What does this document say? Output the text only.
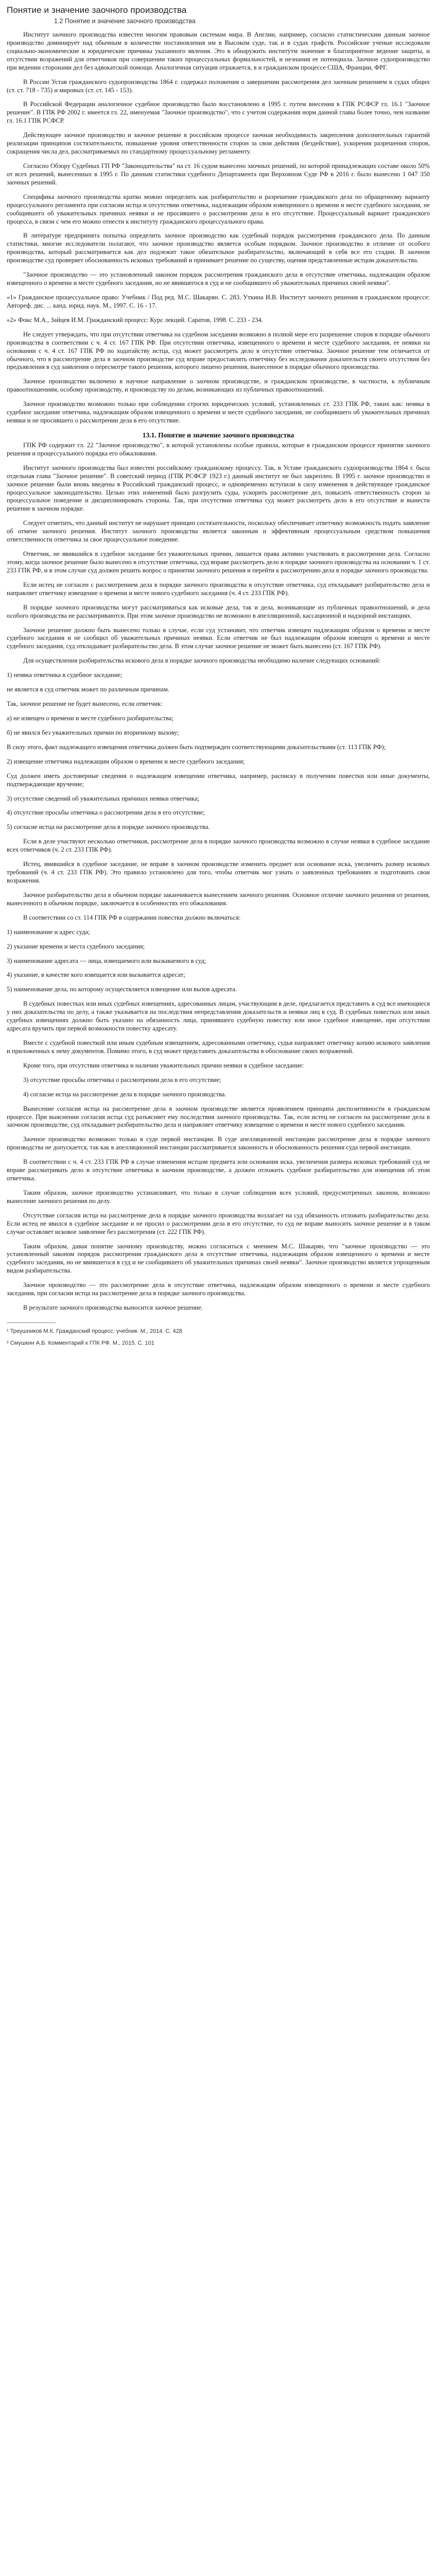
Понятие и значение заочного производства
1.2 Понятие и значение заочного производства

Институт заочного производства известен многим правовым системам мира. В Англии, например, согласно статистическим данным заочное производство доминирует над обычным в количестве постановления им в Высоком суде, так и в судах графств. Российские ученые исследовали социально-экономические и юридические причины указанного явления. Это в обнаружить институтм значение в благоприятное ведение защиты, и отсутствии возражений для ответчиков при совершении таких процессуальных формальностей, и незнания ее потенциала. Заочное судопроизводство при ведении сторонами дел без адвокатской помощи. Аналогичная ситуация отражается, в и гражданском процессе США, Франции, ФРГ.

В России Устав гражданского судопроизводства 1864 г. содержал положения о завершении рассмотрения дел заочным решением в судах общих (ст. ст. 718 - 735) и мировых (ст. ст. 145 - 153).

В Российской Федерации аналогичное судебное производство было восстановлено в 1995 г. путем внесения в ГПК РСФСР гл. 16.1 "Заочное решение". В ГПК РФ 2002 г. имеется гл. 22, именуемая "Заочное производство", что с учетом содержания норм данной главы более точно, чем название гл. 16.1 ГПК РСФСР.

Действующее заочное производство и заочное решение в российском процессе заочная необходимость закрепления дополнительных гарантий реализации принципов состязательности, повышение уровня ответственности сторон за свои действия (бездействие), ускорения разрешения споров, сокращения числа дел, рассматриваемых по стандартному процессуальному регламенту.

Согласно Обзору Судебных ГП РФ "Законодательства" на ст. 16 судом вынесено заочных решений, по которой принадлежащих составе около 50% от всех решений, вынесенных в 1995 г. По данным статистики судебного Департамента при Верховном Суде РФ в 2016 г. было вынесено 1 047 350 заочных решений.

Специфика заочного производства кратко можно определить как разбирательство и разрешение гражданского дела по обращенному варианту процессуального регламента при согласии истца и отсутствии ответчика, надлежащим образом извещенного о времени и месте судебного заседания, не сообщившего об уважительных причинах неявки и не просившего о рассмотрении дела в его отсутствие. Процессуальный вариант гражданского процесса, в связи с чем его можно отнести к институту гражданского процессуального права.

В литературе предпринята попытка определить заочное производство как судебный порядок рассмотрения гражданского дела. По данным статистики, многие исследователи полагают, что заочное производство является особым порядком. Заочное производство в отличие от особого производства, который рассматривается как дел подлежит такое обязательное разбирательство, включающий в себя все его стадии. В заочном производстве суд проверяет обоснованность исковых требований и принимает решение по существу, оценив представленные истцом доказательства.

"Заочное производство — это установленный законом порядок рассмотрения гражданского дела в отсутствие ответчика, надлежащим образом извещенного о времени и месте судебного заседания, но не явившегося в суд и не сообщившего об уважительных причинах своей неявки".

«1» Гражданское процессуальное право: Учебник / Под ред. М.С. Шакарян. С. 283. Уткина И.В. Институт заочного решения в гражданском процессе: Автореф. дис. ... канд. юрид. наук. М., 1997. С. 16 - 17.

«2» Фокс М.А., Зайцев И.М. Гражданский процесс: Курс лекций. Саратов, 1998. С. 233 - 234.

Не следует утверждать, что при отсутствии ответчика на судебном заседании возможно в полной мере его разрешение споров в порядке обычного производства в соответствии с ч. 4 ст. 167 ГПК РФ. При отсутствии ответчика, извещенного о времени и месте судебного заседания, ее неявки на основании с ч. 4 ст. 167 ГПК РФ по ходатайству истца, суд может рассмотреть дело в отсутствие ответчика. Заочное решение тем отличается от обычного, что в рассмотрение дела в заочном производстве суд вправе предоставлять ответчику без исследования доказательств своего отсутствия без предъявления в суд заявления о пересмотре такого решения, которого лишено решения, вынесенное в порядке обычного производства.

Заочное производство включено в научное направление о заочном производстве, и гражданском производстве, в частности, к публичным правоотношениям, особому производству, и производству по делам, возникающих из публичных правоотношений.

Заочное производство возможно только при соблюдении строгих юридических условий, установленных ст. 233 ГПК РФ, таких как: неявка в судебное заседание ответчика, надлежащим образом извещенного о времени и месте судебного заседания, не сообщившего об уважительных причинах неявки и не просившего о рассмотрении дела в его отсутствие.

13.1. Понятие и значение заочного производства

ГПК РФ содержит гл. 22 "Заочное производство", в которой установлены особые правила, которые в гражданском процессе принятия заочного решения и процессуального порядка его обжалования.

Институт заочного производства был известен российскому гражданскому процессу. Так, в Уставе гражданского судопроизводства 1864 г. была отдельная глава "Заочное решение". В советский период (ГПК РСФСР 1923 г.) данный институт не был закреплен. В 1995 г. заочное производство и заочное решение были вновь введены в Российский гражданский процесс, и одновременно вступили в силу изменения в действующее гражданское процессуальное законодательство. Целью этих изменений было разгрузить суды, ускорить рассмотрение дел, повысить ответственность сторон за процессуальное поведение и дисциплинировать стороны. Так, при отсутствии ответчика суд может рассмотреть дело в его отсутствие и вынести решение в заочном порядке.

Следует отметить, что данный институт не нарушает принцип состязательности, поскольку обеспечивает ответчику возможность подать заявление об отмене заочного решения. Институт заочного производства является законным и эффективным процессуальным средством повышения ответственности ответчика за свое процессуальное поведение.

Ответчик, не явившийся в судебное заседание без уважительных причин, лишается права активно участвовать в рассмотрении дела. Согласно этому, когда заочное решение было вынесено в отсутствие ответчика, суд вправе рассмотреть дело в порядке заочного производства на основании ч. 1 ст. 233 ГПК РФ, и в этом случае суд должен решить вопрос о принятии заочного решения и перейти к рассмотрению дела в порядке заочного производства.

Если истец не согласен с рассмотрением дела в порядке заочного производства в отсутствие ответчика, суд откладывает разбирательство дела и направляет ответчику извещение о времени и месте нового судебного заседания (ч. 4 ст. 233 ГПК РФ).

В порядке заочного производства могут рассматриваться как исковые дела, так и дела, возникающие из публичных правоотношений, и дела особого производства не рассматриваются. При этом заочное производство не возможно в апелляционной, кассационной и надзорной инстанциях.

Заочное решение должно быть вынесено только в случае, если суд установит, что ответчик извещен надлежащим образом о времени и месте судебного заседания и не сообщил об уважительных причинах неявки. Если ответчик не был надлежащим образом извещен о времени и месте судебного заседания, суд откладывает разбирательство дела. В этом случае заочное решение не может быть вынесено (ст. 167 ГПК РФ).

Для осуществления разбирательства искового дела в порядке заочного производства необходимо наличие следующих оснований:

1) неявка ответчика в судебное заседание;

не является в суд ответчик может по различным причинам.

Так, заочное решение не будет вынесено, если ответчик:

а) не извещен о времени и месте судебного разбирательства;

б) не явился без уважительных причин по вторичному вызову;

В силу этого, факт надлежащего извещения ответчика должен быть подтвержден соответствующими доказательствами (ст. 113 ГПК РФ);

2) извещение ответчика надлежащим образом о времени и месте судебного заседания;

Суд должен иметь достоверные сведения о надлежащем извещении ответчика, например, расписку в получении повестки или иные документы, подтверждающие вручение;

3) отсутствие сведений об уважительных причинах неявки ответчика;

4) отсутствие просьбы ответчика о рассмотрении дела в его отсутствие;

5) согласие истца на рассмотрение дела в порядке заочного производства.

Если в деле участвуют несколько ответчиков, рассмотрение дела в порядке заочного производства возможно в случае неявки в судебное заседание всех ответчиков (ч. 2 ст. 233 ГПК РФ).

Истец, явившийся в судебное заседание, не вправе в заочном производстве изменить предмет или основание иска, увеличить размер исковых требований (ч. 4 ст. 233 ГПК РФ). Это правило установлено для того, чтобы ответчик мог узнать о заявленных требованиях и подготовить свои возражения.

Заочное разбирательство дела в обычном порядке заканчивается вынесением заочного решения. Основное отличие заочного решения от решения, вынесенного в обычном порядке, заключается в особенностях его обжалования.

В соответствии со ст. 114 ГПК РФ в содержании повестки должно включаться:

1) наименование и адрес суда;

2) указание времени и места судебного заседания;

3) наименование адресата — лица, извещаемого или вызываемого в суд;

4) указание, в качестве кого извещается или вызывается адресат;

5) наименование дела, по которому осуществляется извещение или вызов адресата.

В судебных повестках или иных судебных извещениях, адресованных лицам, участвующим в деле, предлагается представить в суд все имеющиеся у них доказательства по делу, а также указывается на последствия непредставления доказательств и неявки лиц в суд. В судебных повестках или иных судебных извещениях должно быть указано на обязанность лица, принявшего судебную повестку или иное судебное извещение, при отсутствии адресата вручить при первой возможности повестку адресату.

Вместе с судебной повесткой или иным судебным извещением, адресованными ответчику, судья направляет ответчику копию искового заявления и приложенных к нему документов. Помимо этого, в суд может представить доказательства в обоснование своих возражений.

Кроме того, при отсутствии ответчика и наличии уважительных причин неявки в судебное заседание:

3) отсутствие просьбы ответчика о рассмотрении дела в его отсутствие;

4) согласие истца на рассмотрение дела в порядке заочного производства.

Вынесение согласия истца на рассмотрение дела в заочном производстве является проявлением принципа диспозитивности в гражданском процессе. При выяснении согласия истца суд разъясняет ему последствия заочного производства. Так, если истец не согласен на рассмотрение дела в заочном производстве, суд откладывает разбирательство дела и направляет ответчику извещение о времени и месте нового судебного заседания.

Заочное производство возможно только в суде первой инстанции. В суде апелляционной инстанции рассмотрение дела в порядке заочного производства не допускается, так как в апелляционной инстанции рассматривается законность и обоснованность решения суда первой инстанции.

В соответствии с ч. 4 ст. 233 ГПК РФ в случае изменения истцом предмета или основания иска, увеличения размера исковых требований суд не вправе рассматривать дело в отсутствие ответчика в заочном производстве, а должен отложить судебное разбирательство для извещения об этом ответчика.

Таким образом, заочное производство устанавливает, что только в случае соблюдения всех условий, предусмотренных законом, возможно вынесение заочного решения по делу.

Отсутствие согласия истца на рассмотрение дела в порядке заочного производства возлагает на суд обязанность отложить разбирательство дела. Если истец не явился в судебное заседание и не просил о рассмотрении дела в его отсутствие, то суд не вправе выносить заочное решение и в таком случае оставляет исковое заявление без рассмотрения (ст. 222 ГПК РФ).

Таким образом, давая понятие заочному производству, можно согласиться с мнением М.С. Шакарян, что "заочное производство — это установленный законом порядок рассмотрения гражданского дела в отсутствие ответчика, надлежащим образом извещенного о времени и месте судебного заседания, но не явившегося в суд и не сообщившего об уважительных причинах своей неявки". Заочное производство является упрощенным видом разбирательства.

Заочное производство — это рассмотрение дела в отсутствие ответчика, надлежащим образом извещенного о времени и месте судебного заседания, при согласии истца на рассмотрение дела в порядке заочного производства.

В результате заочного производства выносится заочное решение.

¹ Треушников М.К. Гражданский процесс: учебник. М., 2014. С. 428
² Смушкин А.Б. Комментарий к ГПК РФ. М., 2015. С. 101
